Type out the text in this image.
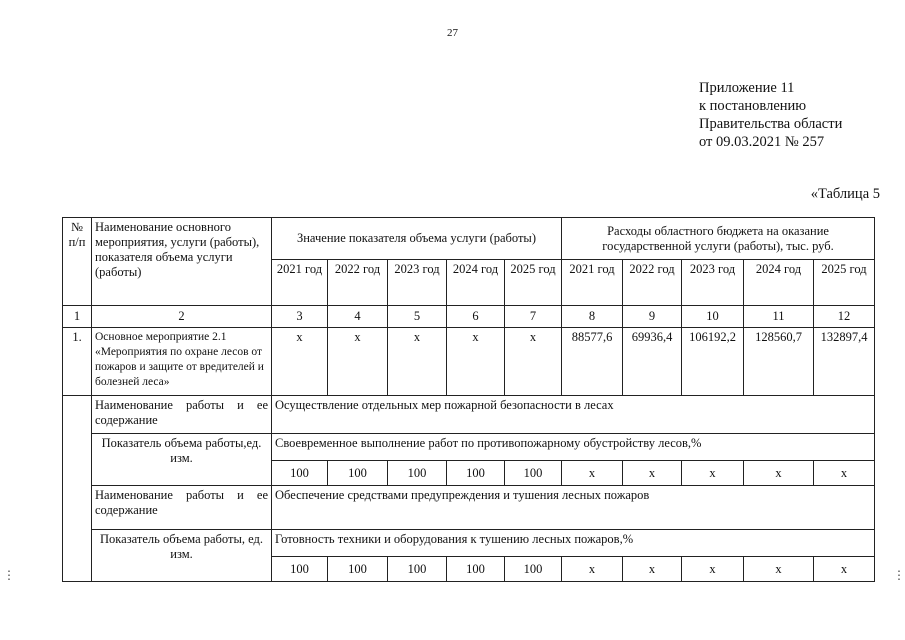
27
Приложение 11
к постановлению
Правительства области
от 09.03.2021 № 257
«Таблица 5
⋮	⋮
№ п/п	Наименование основного мероприятия, услуги (работы), показателя объема услуги (работы)	Значение показателя объема услуги (работы)					Расходы областного бюджета на оказание государственной услуги (работы), тыс. руб.				
		2021 год	2022 год	2023 год	2024 год	2025 год	2021 год	2022 год	2023 год	2024 год	2025 год
1	2	3	4	5	6	7	8	9	10	11	12
1.	Основное мероприятие 2.1 «Мероприятия по охране лесов от пожаров и защите от вредителей и болезней леса»	x	x	x	x	x	88577,6	69936,4	106192,2	128560,7	132897,4
	Наименование работы и ее содержание	Осуществление отдельных мер пожарной безопасности в лесах									
	Показатель объема работы,ед. изм.	Своевременное выполнение работ по противопожарному обустройству лесов,%									
		100	100	100	100	100	x	x	x	x	x
	Наименование работы и ее содержание	Обеспечение средствами предупреждения и тушения лесных пожаров									
	Показатель объема работы, ед. изм.	Готовность техники и оборудования к тушению лесных пожаров,%									
		100	100	100	100	100	x	x	x	x	x
